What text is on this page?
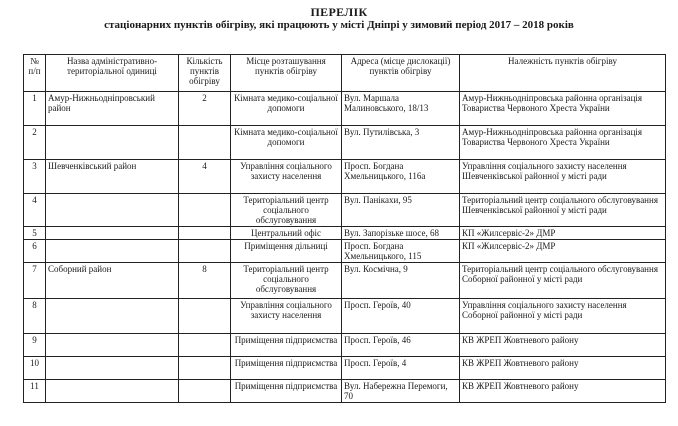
ПЕРЕЛІК
стаціонарних пунктів обігріву, які працюють у місті Дніпрі у зимовий період 2017 – 2018 років
№ п/п	Назва адміністративно-територіальної одиниці	Кількість пунктів обігріву	Місце розташування пунктів обігріву	Адреса (місце дислокації) пунктів обігріву	Належність пунктів обігріву
1	Амур-Нижньодніпровський район	2	Кімната медико-соціальної допомоги	Вул. Маршала Малиновського, 18/13	Амур-Нижньодніпровська районна організація Товариства Червоного Хреста України
2			Кімната медико-соціальної допомоги	Вул. Путилівська, 3	Амур-Нижньодніпровська районна організація Товариства Червоного Хреста України
3	Шевченківський район	4	Управління соціального захисту населення	Просп. Богдана Хмельницького, 116а	Управління соціального захисту населення Шевченківської районної у місті ради
4			Територіальний центр соціального обслуговування	Вул. Панікахи, 95	Територіальний центр соціального обслуговування Шевченківської районної у місті ради
5			Центральний офіс	Вул. Запорізьке шосе, 68	КП «Жилсервіс-2» ДМР
6			Приміщення дільниці	Просп. Богдана Хмельницького, 115	КП «Жилсервіс-2» ДМР
7	Соборний район	8	Територіальний центр соціального обслуговування	Вул. Космічна, 9	Територіальний центр соціального обслуговування Соборної районної у місті ради
8			Управління соціального захисту населення	Просп. Героїв, 40	Управління соціального захисту населення Соборної районної у місті ради
9			Приміщення підприємства	Просп. Героїв, 46	КВ ЖРЕП Жовтневого району
10			Приміщення підприємства	Просп. Героїв, 4	КВ ЖРЕП Жовтневого району
11			Приміщення підприємства	Вул. Набережна Перемоги, 70	КВ ЖРЕП Жовтневого району
